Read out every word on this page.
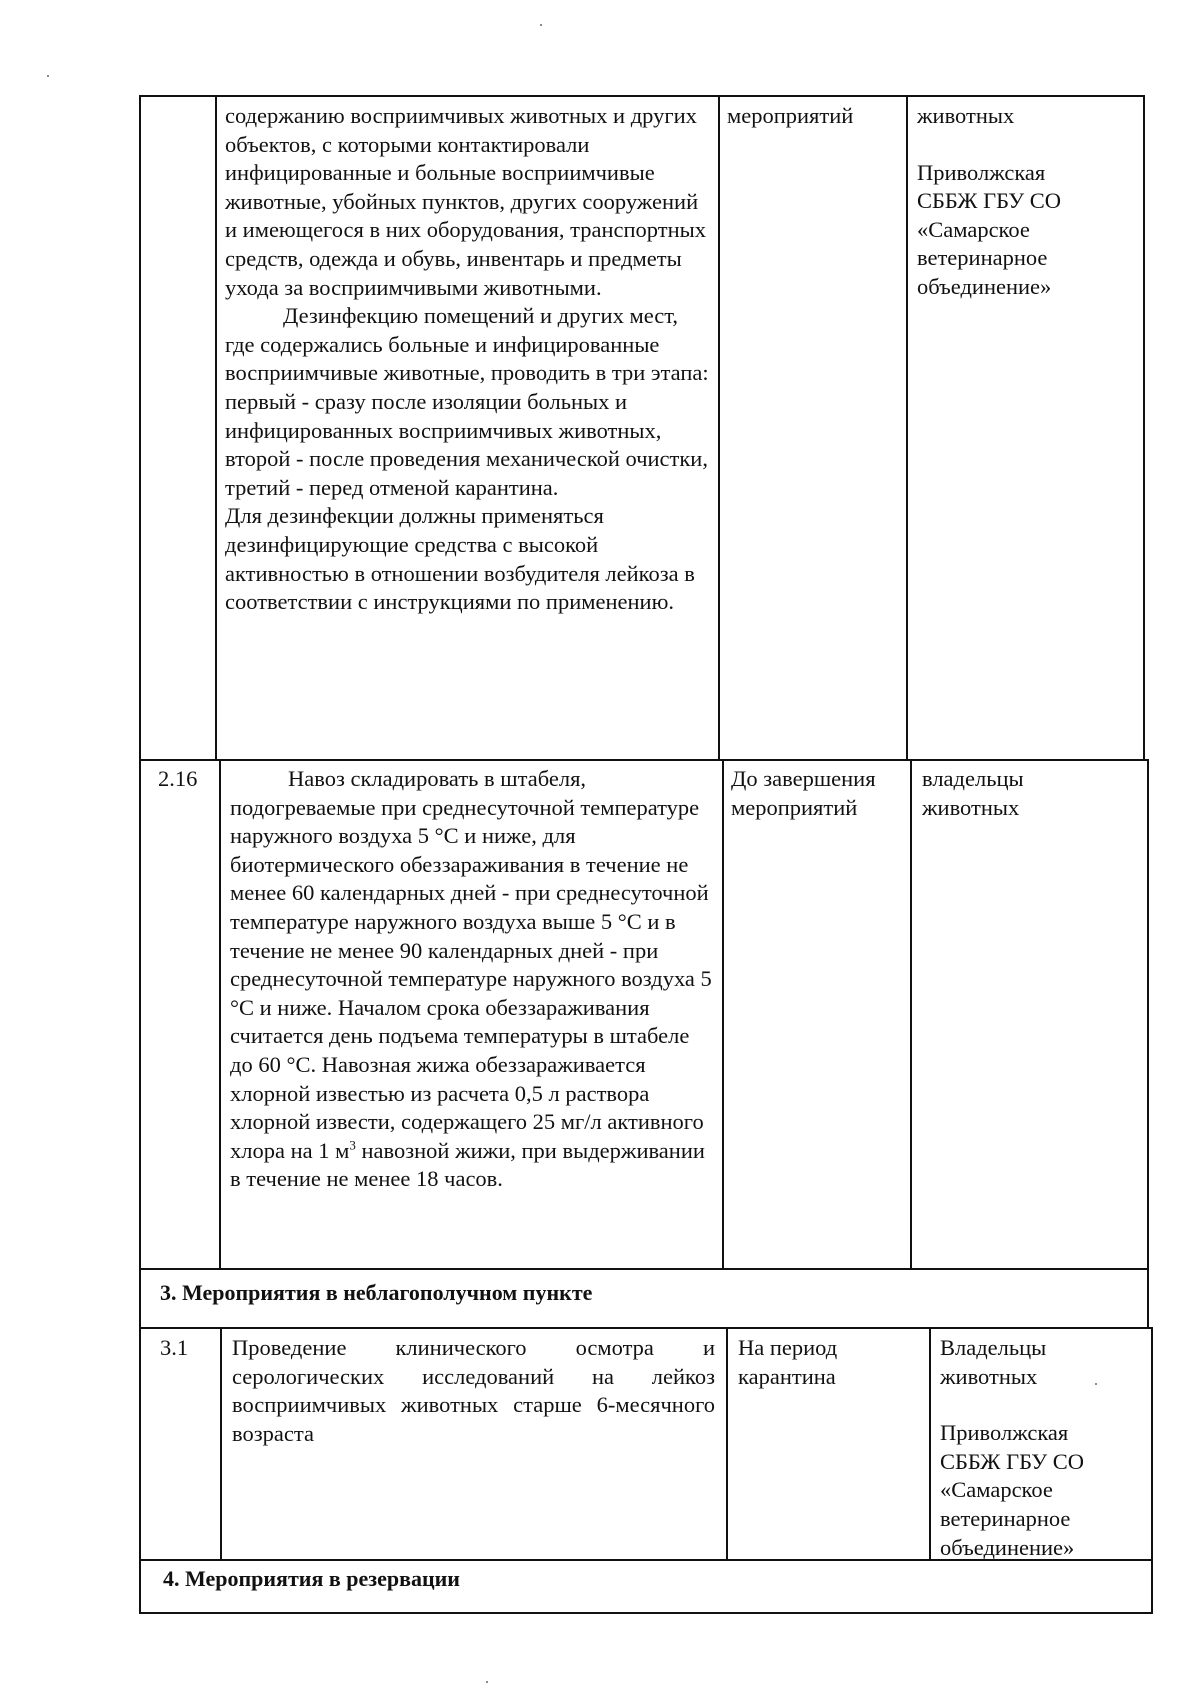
содержанию восприимчивых животных и других объектов, с которыми контактировали инфицированные и больные восприимчивые животные, убойных пунктов, других сооружений и имеющегося в них оборудования, транспортных средств, одежда и обувь, инвентарь и предметы ухода за восприимчивыми животными.
Дезинфекцию помещений и других мест, где содержались больные и инфицированные восприимчивые животные, проводить в три этапа: первый - сразу после изоляции больных и инфицированных восприимчивых животных, второй - после проведения механической очистки, третий - перед отменой карантина.
Для дезинфекции должны применяться дезинфицирующие средства с высокой активностью в отношении возбудителя лейкоза в соответствии с инструкциями по применению.
мероприятий	животных
Приволжская СББЖ ГБУ СО «Самарское ветеринарное объединение»
2.16	Навоз складировать в штабеля, подогреваемые при среднесуточной температуре наружного воздуха 5 °С и ниже, для биотермического обеззараживания в течение не менее 60 календарных дней - при среднесуточной температуре наружного воздуха выше 5 °С и в течение не менее 90 календарных дней - при среднесуточной температуре наружного воздуха 5 °С и ниже. Началом срока обеззараживания считается день подъема температуры в штабеле до 60 °С. Навозная жижа обеззараживается хлорной известью из расчета 0,5 л раствора хлорной извести, содержащего 25 мг/л активного хлора на 1 $м^3$ навозной жижи, при выдерживании в течение не менее 18 часов.
До завершения мероприятий
владельцы животных
3. Мероприятия в неблагополучном пункте
3.1 Проведение клинического осмотра и серологических исследований на лейкоз восприимчивых животных старше 6-месячного возраста
На период карантина
Владельцы животных
Приволжская СББЖ ГБУ СО «Самарское ветеринарное объединение»
4. Мероприятия в резервации
